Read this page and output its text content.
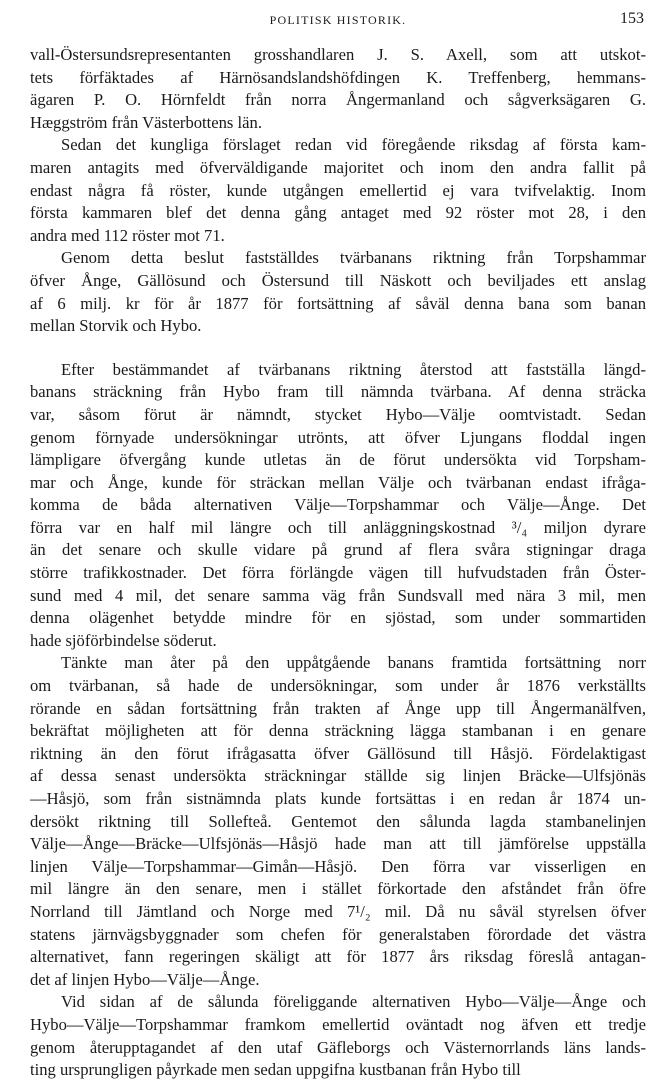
POLITISK HISTORIK.	153

vall-Östersundsrepresentanten grosshandlaren J. S. Axell, som att utskot-
tets förfäktades af Härnösandslandshöfdingen K. Treffenberg, hemmans-
ägaren P. O. Hörnfeldt från norra Ångermanland och sågverksägaren G.
Hæggström från Västerbottens län.

Sedan det kungliga förslaget redan vid föregående riksdag af första kam-
maren antagits med öfverväldigande majoritet och inom den andra fallit på
endast några få röster, kunde utgången emellertid ej vara tvifvelaktig. Inom
första kammaren blef det denna gång antaget med 92 röster mot 28, i den
andra med 112 röster mot 71.

Genom detta beslut fastställdes tvärbanans riktning från Torpshammar
öfver Ånge, Gällösund och Östersund till Näskott och beviljades ett anslag
af 6 milj. kr för år 1877 för fortsättning af såväl denna bana som banan
mellan Storvik och Hybo.

Efter bestämmandet af tvärbanans riktning återstod att fastställa längd-
banans sträckning från Hybo fram till nämnda tvärbana. Af denna sträcka
var, såsom förut är nämndt, stycket Hybo—Välje oomtvistadt. Sedan
genom förnyade undersökningar utrönts, att öfver Ljungans floddal ingen
lämpligare öfvergång kunde utletas än de förut undersökta vid Torpsham-
mar och Ånge, kunde för sträckan mellan Välje och tvärbanan endast ifråga-
komma de båda alternativen Välje—Torpshammar och Välje—Ånge. Det
förra var en half mil längre och till anläggningskostnad ³/₄ miljon dyrare
än det senare och skulle vidare på grund af flera svåra stigningar draga
större trafikkostnader. Det förra förlängde vägen till hufvudstaden från Öster-
sund med 4 mil, det senare samma väg från Sundsvall med nära 3 mil, men
denna olägenhet betydde mindre för en sjöstad, som under sommartiden
hade sjöförbindelse söderut.

Tänkte man åter på den uppåtgående banans framtida fortsättning norr
om tvärbanan, så hade de undersökningar, som under år 1876 verkställts
rörande en sådan fortsättning från trakten af Ånge upp till Ångermanälfven,
bekräftat möjligheten att för denna sträckning lägga stambanan i en genare
riktning än den förut ifrågasatta öfver Gällösund till Håsjö. Fördelaktigast
af dessa senast undersökta sträckningar ställde sig linjen Bräcke—Ulfsjönäs
—Håsjö, som från sistnämnda plats kunde fortsättas i en redan år 1874 un-
dersökt riktning till Sollefteå. Gentemot den sålunda lagda stambanelinjen
Välje—Ånge—Bräcke—Ulfsjönäs—Håsjö hade man att till jämförelse uppställa
linjen Välje—Torpshammar—Gimån—Håsjö. Den förra var visserligen en
mil längre än den senare, men i stället förkortade den afståndet från öfre
Norrland till Jämtland och Norge med 7¹/₂ mil. Då nu såväl styrelsen öfver
statens järnvägsbyggnader som chefen för generalstaben förordade det västra
alternativet, fann regeringen skäligt att för 1877 års riksdag föreslå antagan-
det af linjen Hybo—Välje—Ånge.

Vid sidan af de sålunda föreliggande alternativen Hybo—Välje—Ånge och
Hybo—Välje—Torpshammar framkom emellertid oväntadt nog äfven ett tredje
genom återupptagandet af den utaf Gäfleborgs och Västernorrlands läns lands-
ting ursprungligen påyrkade men sedan uppgifna kustbanan från Hybo till
